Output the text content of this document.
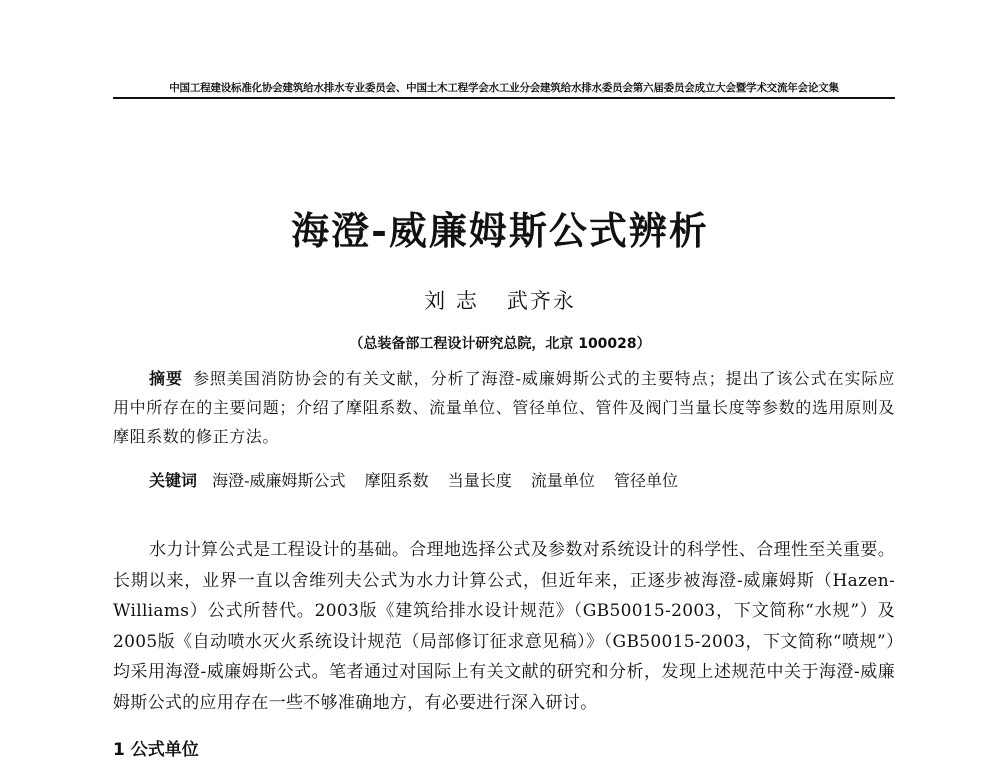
中国工程建设标准化协会建筑给水排水专业委员会、中国土木工程学会水工业分会建筑给水排水委员会第六届委员会成立大会暨学术交流年会论文集
海澄-威廉姆斯公式辨析
刘 志 武齐永
（总装备部工程设计研究总院，北京 100028）
摘要 参照美国消防协会的有关文献，分析了海澄-威廉姆斯公式的主要特点；提出了该公式在实际应用中所存在的主要问题；介绍了摩阻系数、流量单位、管径单位、管件及阀门当量长度等参数的选用原则及摩阻系数的修正方法。
关键词 海澄-威廉姆斯公式 摩阻系数 当量长度 流量单位 管径单位
水力计算公式是工程设计的基础。合理地选择公式及参数对系统设计的科学性、合理性至关重要。长期以来，业界一直以舍维列夫公式为水力计算公式，但近年来，正逐步被海澄-威廉姆斯（Hazen-Williams）公式所替代。2003版《建筑给排水设计规范》（GB50015-2003，下文简称“水规”）及2005版《自动喷水灭火系统设计规范（局部修订征求意见稿）》（GB50015-2003，下文简称“喷规”）均采用海澄-威廉姆斯公式。笔者通过对国际上有关文献的研究和分析，发现上述规范中关于海澄-威廉姆斯公式的应用存在一些不够准确地方，有必要进行深入研讨。
1 公式单位
